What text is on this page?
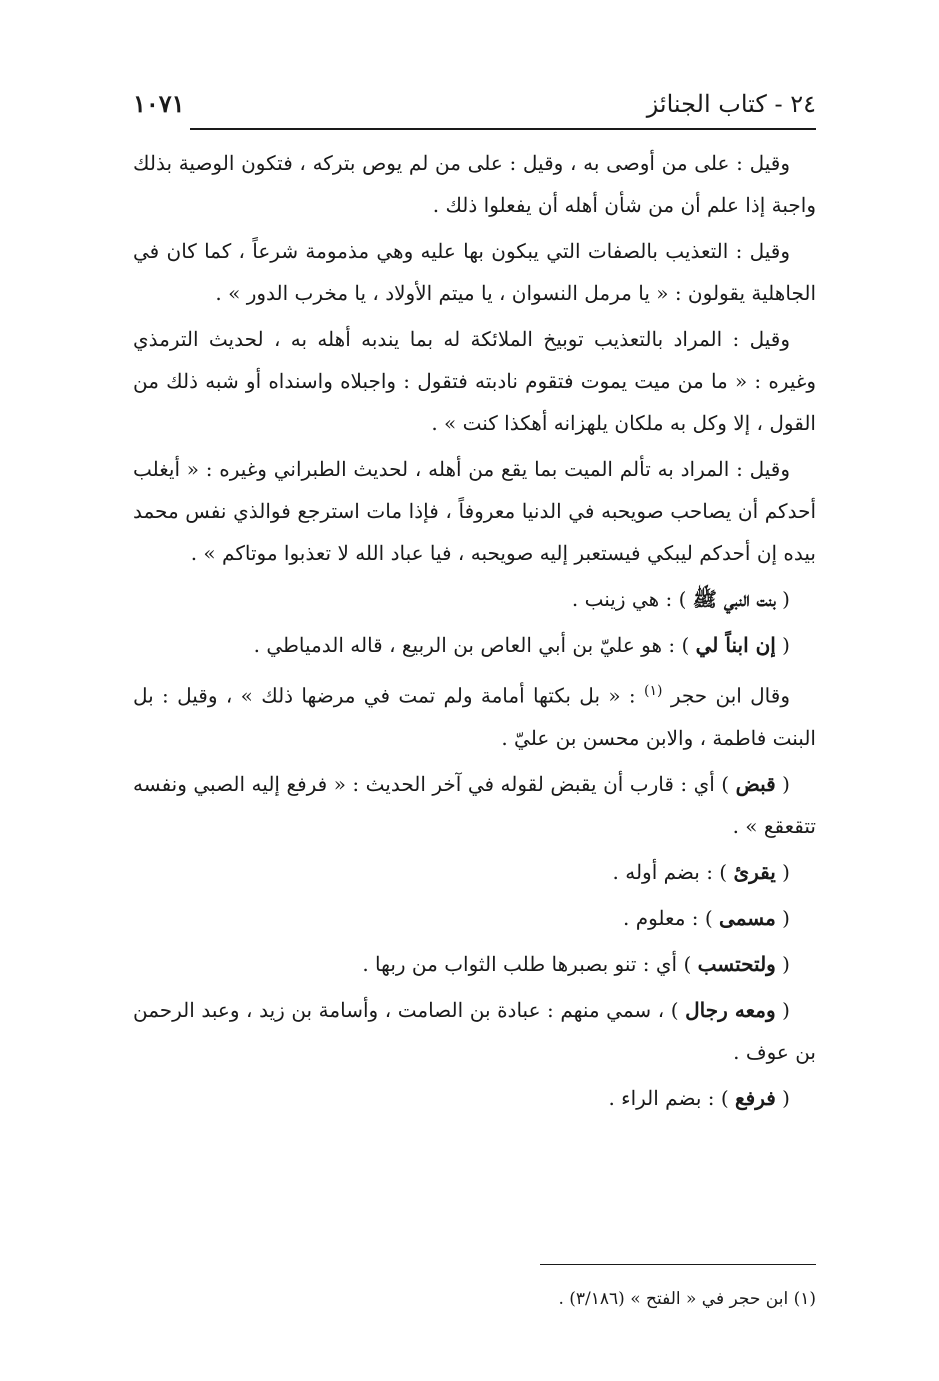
٢٤ - كتاب الجنائز
١٠٧١

وقيل : على من أوصى به ، وقيل : على من لم يوص بتركه ، فتكون الوصية بذلك واجبة إذا علم أن من شأن أهله أن يفعلوا ذلك .

وقيل : التعذيب بالصفات التي يبكون بها عليه وهي مذمومة شرعاً ، كما كان في الجاهلية يقولون : « يا مرمل النسوان ، يا ميتم الأولاد ، يا مخرب الدور » .

وقيل : المراد بالتعذيب توبيخ الملائكة له بما يندبه أهله به ، لحديث الترمذي وغيره : « ما من ميت يموت فتقوم نادبته فتقول : واجبلاه واسنداه أو شبه ذلك من القول ، إلا وكل به ملكان يلهزانه أهكذا كنت » .

وقيل : المراد به تألم الميت بما يقع من أهله ، لحديث الطبراني وغيره : « أيغلب أحدكم أن يصاحب صويحبه في الدنيا معروفاً ، فإذا مات استرجع فوالذي نفس محمد بيده إن أحدكم ليبكي فيستعبر إليه صويحبه ، فيا عباد الله لا تعذبوا موتاكم » .

( بنت النبي ﷺ ) : هي زينب .

( إن ابناً لي ) : هو عليّ بن أبي العاص بن الربيع ، قاله الدمياطي .

وقال ابن حجر $^{(١)}$ : « بل بكتها أمامة ولم تمت في مرضها ذلك » ، وقيل : بل البنت فاطمة ، والابن محسن بن عليّ .

( قبض ) أي : قارب أن يقبض لقوله في آخر الحديث : « فرفع إليه الصبي ونفسه تتقعقع » .

( يقرئ ) : بضم أوله .

( مسمى ) : معلوم .

( ولتحتسب ) أي : تنو بصبرها طلب الثواب من ربها .

( ومعه رجال ) ، سمي منهم : عبادة بن الصامت ، وأسامة بن زيد ، وعبد الرحمن بن عوف .

( فرفع ) : بضم الراء .

(١) ابن حجر في « الفتح » (٣/١٨٦) .
